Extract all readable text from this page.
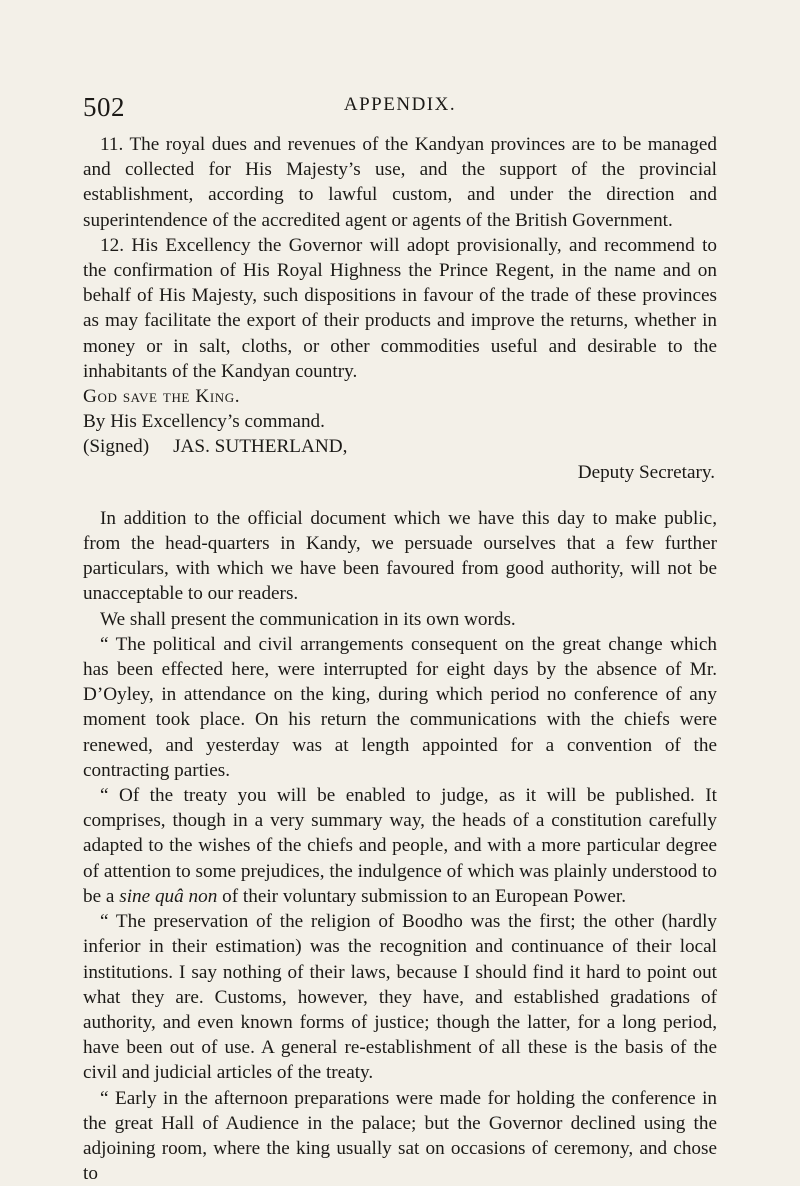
502	APPENDIX.

11. The royal dues and revenues of the Kandyan provinces are to be managed and collected for His Majesty’s use, and the support of the provincial establishment, according to lawful custom, and under the direction and superintendence of the accredited agent or agents of the British Government.

12. His Excellency the Governor will adopt provisionally, and recommend to the confirmation of His Royal Highness the Prince Regent, in the name and on behalf of His Majesty, such dispositions in favour of the trade of these provinces as may facilitate the export of their products and improve the returns, whether in money or in salt, cloths, or other commodities useful and desirable to the inhabitants of the Kandyan country.

God save the King.

By His Excellency’s command.

(Signed) JAS. SUTHERLAND,

Deputy Secretary.

In addition to the official document which we have this day to make public, from the head-quarters in Kandy, we persuade ourselves that a few further particulars, with which we have been favoured from good authority, will not be unacceptable to our readers.

We shall present the communication in its own words.

“ The political and civil arrangements consequent on the great change which has been effected here, were interrupted for eight days by the absence of Mr. D’Oyley, in attendance on the king, during which period no conference of any moment took place. On his return the communications with the chiefs were renewed, and yesterday was at length appointed for a convention of the contracting parties.

“ Of the treaty you will be enabled to judge, as it will be published. It comprises, though in a very summary way, the heads of a constitution carefully adapted to the wishes of the chiefs and people, and with a more particular degree of attention to some prejudices, the indulgence of which was plainly understood to be a sine quâ non of their voluntary submission to an European Power.

“ The preservation of the religion of Boodho was the first; the other (hardly inferior in their estimation) was the recognition and continuance of their local institutions. I say nothing of their laws, because I should find it hard to point out what they are. Customs, however, they have, and established gradations of authority, and even known forms of justice; though the latter, for a long period, have been out of use. A general re-establishment of all these is the basis of the civil and judicial articles of the treaty.

“ Early in the afternoon preparations were made for holding the conference in the great Hall of Audience in the palace; but the Governor declined using the adjoining room, where the king usually sat on occasions of ceremony, and chose to
